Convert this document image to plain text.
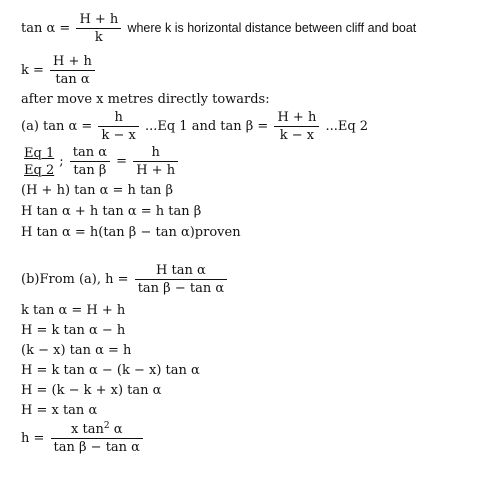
$\tan \alpha = \frac{H + h}{k}$ where k is horizontal distance between cliff and boat
$k = \frac{H + h}{\text{tan α}}$
after move x metres directly towards:
(a) $\tan \alpha = \frac{h}{k - x} ...Eq$ 1 and $\tan \beta = \frac{H + h}{k - x} ...Eq$ 2
$\frac{Eq 1}{Eq 2}$ ; $\frac{\text{tan α}}{\text{tan β}} = \frac{h}{H + h}$
(H + h) tan α = h tan β
H tan α + h tan α = h tan β
H tan α = h(tan β − tan α)proven
(b)From (a), $h = \frac{\text{H tan α}}{\text{tan β − tan α}}$
k tan α = H + h
H = k tan α − h
(k − x) tan α = h
H = k tan α − (k − x) tan α
H = (k − k + x) tan α
H = x tan α
$h = \frac{x \tan^2 \alpha}{\text{tan β − tan α}}$
